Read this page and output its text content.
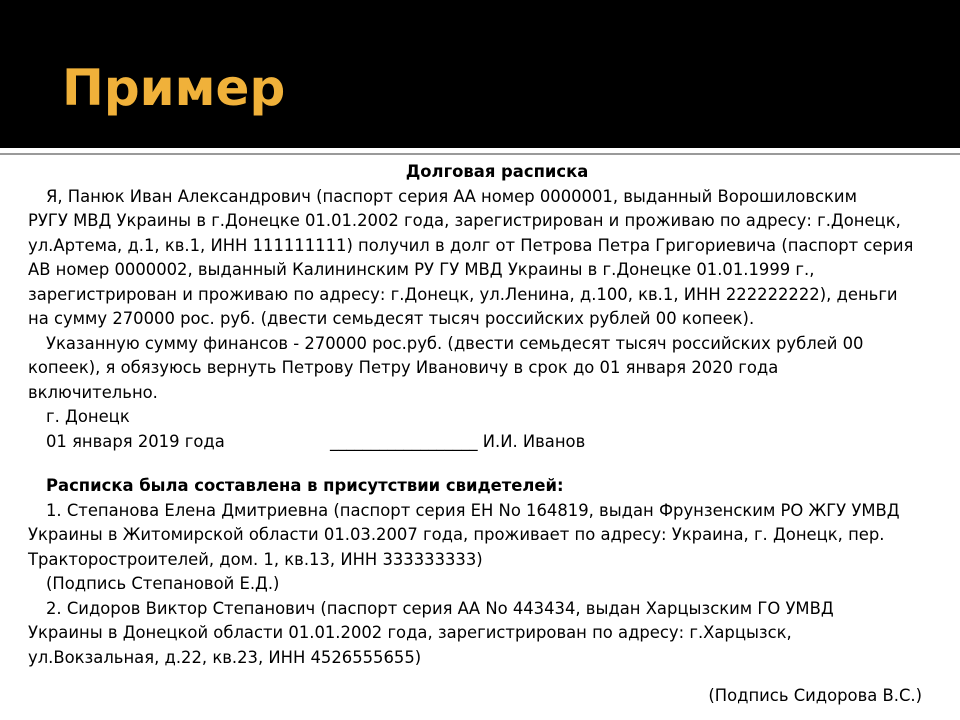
Пример

Долговая расписка

Я, Панюк Иван Александрович (паспорт серия АА номер 0000001, выданный Ворошиловским

РУГУ МВД Украины в г.Донецке 01.01.2002 года, зарегистрирован и проживаю по адресу: г.Донецк,

ул.Артема, д.1, кв.1, ИНН 111111111) получил в долг от Петрова Петра Григориевича (паспорт серия

АВ номер 0000002, выданный Калининским РУ ГУ МВД Украины в г.Донецке 01.01.1999 г.,

зарегистрирован и проживаю по адресу: г.Донецк, ул.Ленина, д.100, кв.1, ИНН 222222222), деньги

на сумму 270000 рос. руб. (двести семьдесят тысяч российских рублей 00 копеек).

Указанную сумму финансов - 270000 рос.руб. (двести семьдесят тысяч российских рублей 00

копеек), я обязуюсь вернуть Петрову Петру Ивановичу в срок до 01 января 2020 года

включительно.

г. Донецк

01 января 2019 года	__________________ И.И. Иванов

Расписка была составлена в присутствии свидетелей:

1. Степанова Елена Дмитриевна (паспорт серия ЕН No 164819, выдан Фрунзенским РО ЖГУ УМВД

Украины в Житомирской области 01.03.2007 года, проживает по адресу: Украина, г. Донецк, пер.

Тракторостроителей, дом. 1, кв.13, ИНН 333333333)

(Подпись Степановой Е.Д.)

2. Сидоров Виктор Степанович (паспорт серия АА No 443434, выдан Харцызским ГО УМВД

Украины в Донецкой области 01.01.2002 года, зарегистрирован по адресу: г.Харцызск,

ул.Вокзальная, д.22, кв.23, ИНН 4526555655)

(Подпись Сидорова В.С.)
